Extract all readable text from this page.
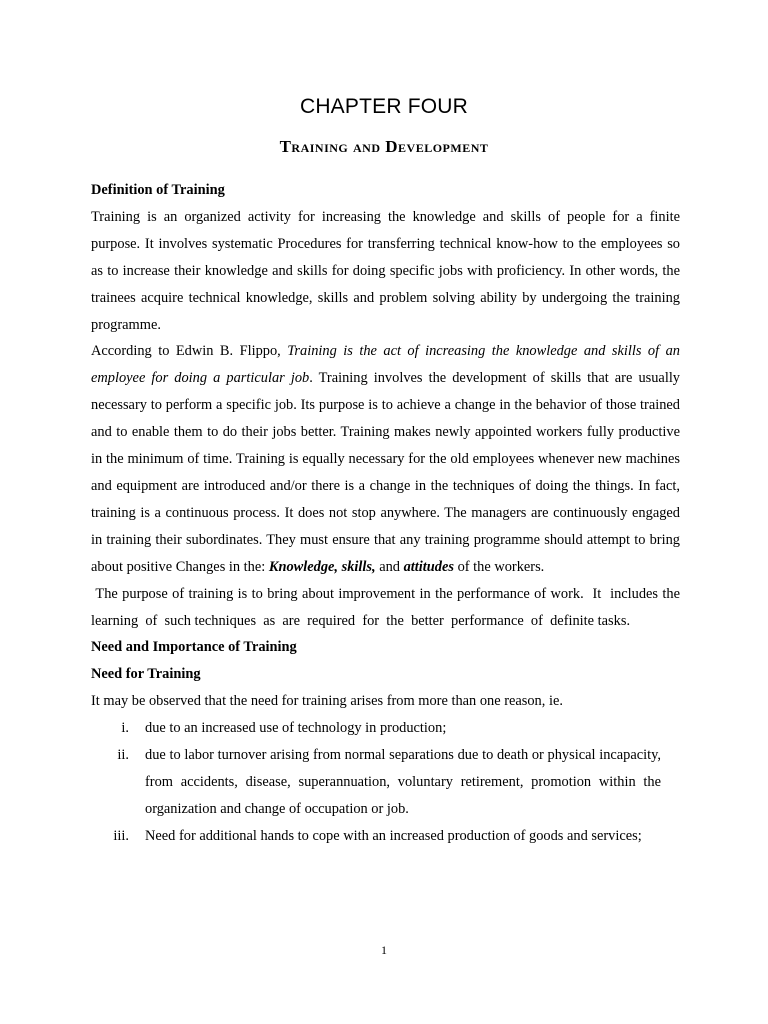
CHAPTER FOUR
Training and Development

Definition of Training

Training is an organized activity for increasing the knowledge and skills of people for a finite purpose. It involves systematic Procedures for transferring technical know-how to the employees so as to increase their knowledge and skills for doing specific jobs with proficiency. In other words, the trainees acquire technical knowledge, skills and problem solving ability by undergoing the training programme.

According to Edwin B. Flippo, Training is the act of increasing the knowledge and skills of an employee for doing a particular job. Training involves the development of skills that are usually necessary to perform a specific job. Its purpose is to achieve a change in the behavior of those trained and to enable them to do their jobs better. Training makes newly appointed workers fully productive in the minimum of time. Training is equally necessary for the old employees whenever new machines and equipment are introduced and/or there is a change in the techniques of doing the things. In fact, training is a continuous process. It does not stop anywhere. The managers are continuously engaged in training their subordinates. They must ensure that any training programme should attempt to bring about positive Changes in the: Knowledge, skills, and attitudes of the workers.

The purpose of training is to bring about improvement in the performance of work.  It  includes the  learning  of  such techniques  as  are  required  for  the  better  performance  of  definite tasks.

Need and Importance of Training

Need for Training

It may be observed that the need for training arises from more than one reason, ie.

i. due to an increased use of technology in production;
ii. due to labor turnover arising from normal separations due to death or physical incapacity, from accidents, disease, superannuation, voluntary retirement, promotion within the organization and change of occupation or job.
iii. Need for additional hands to cope with an increased production of goods and services;
1
